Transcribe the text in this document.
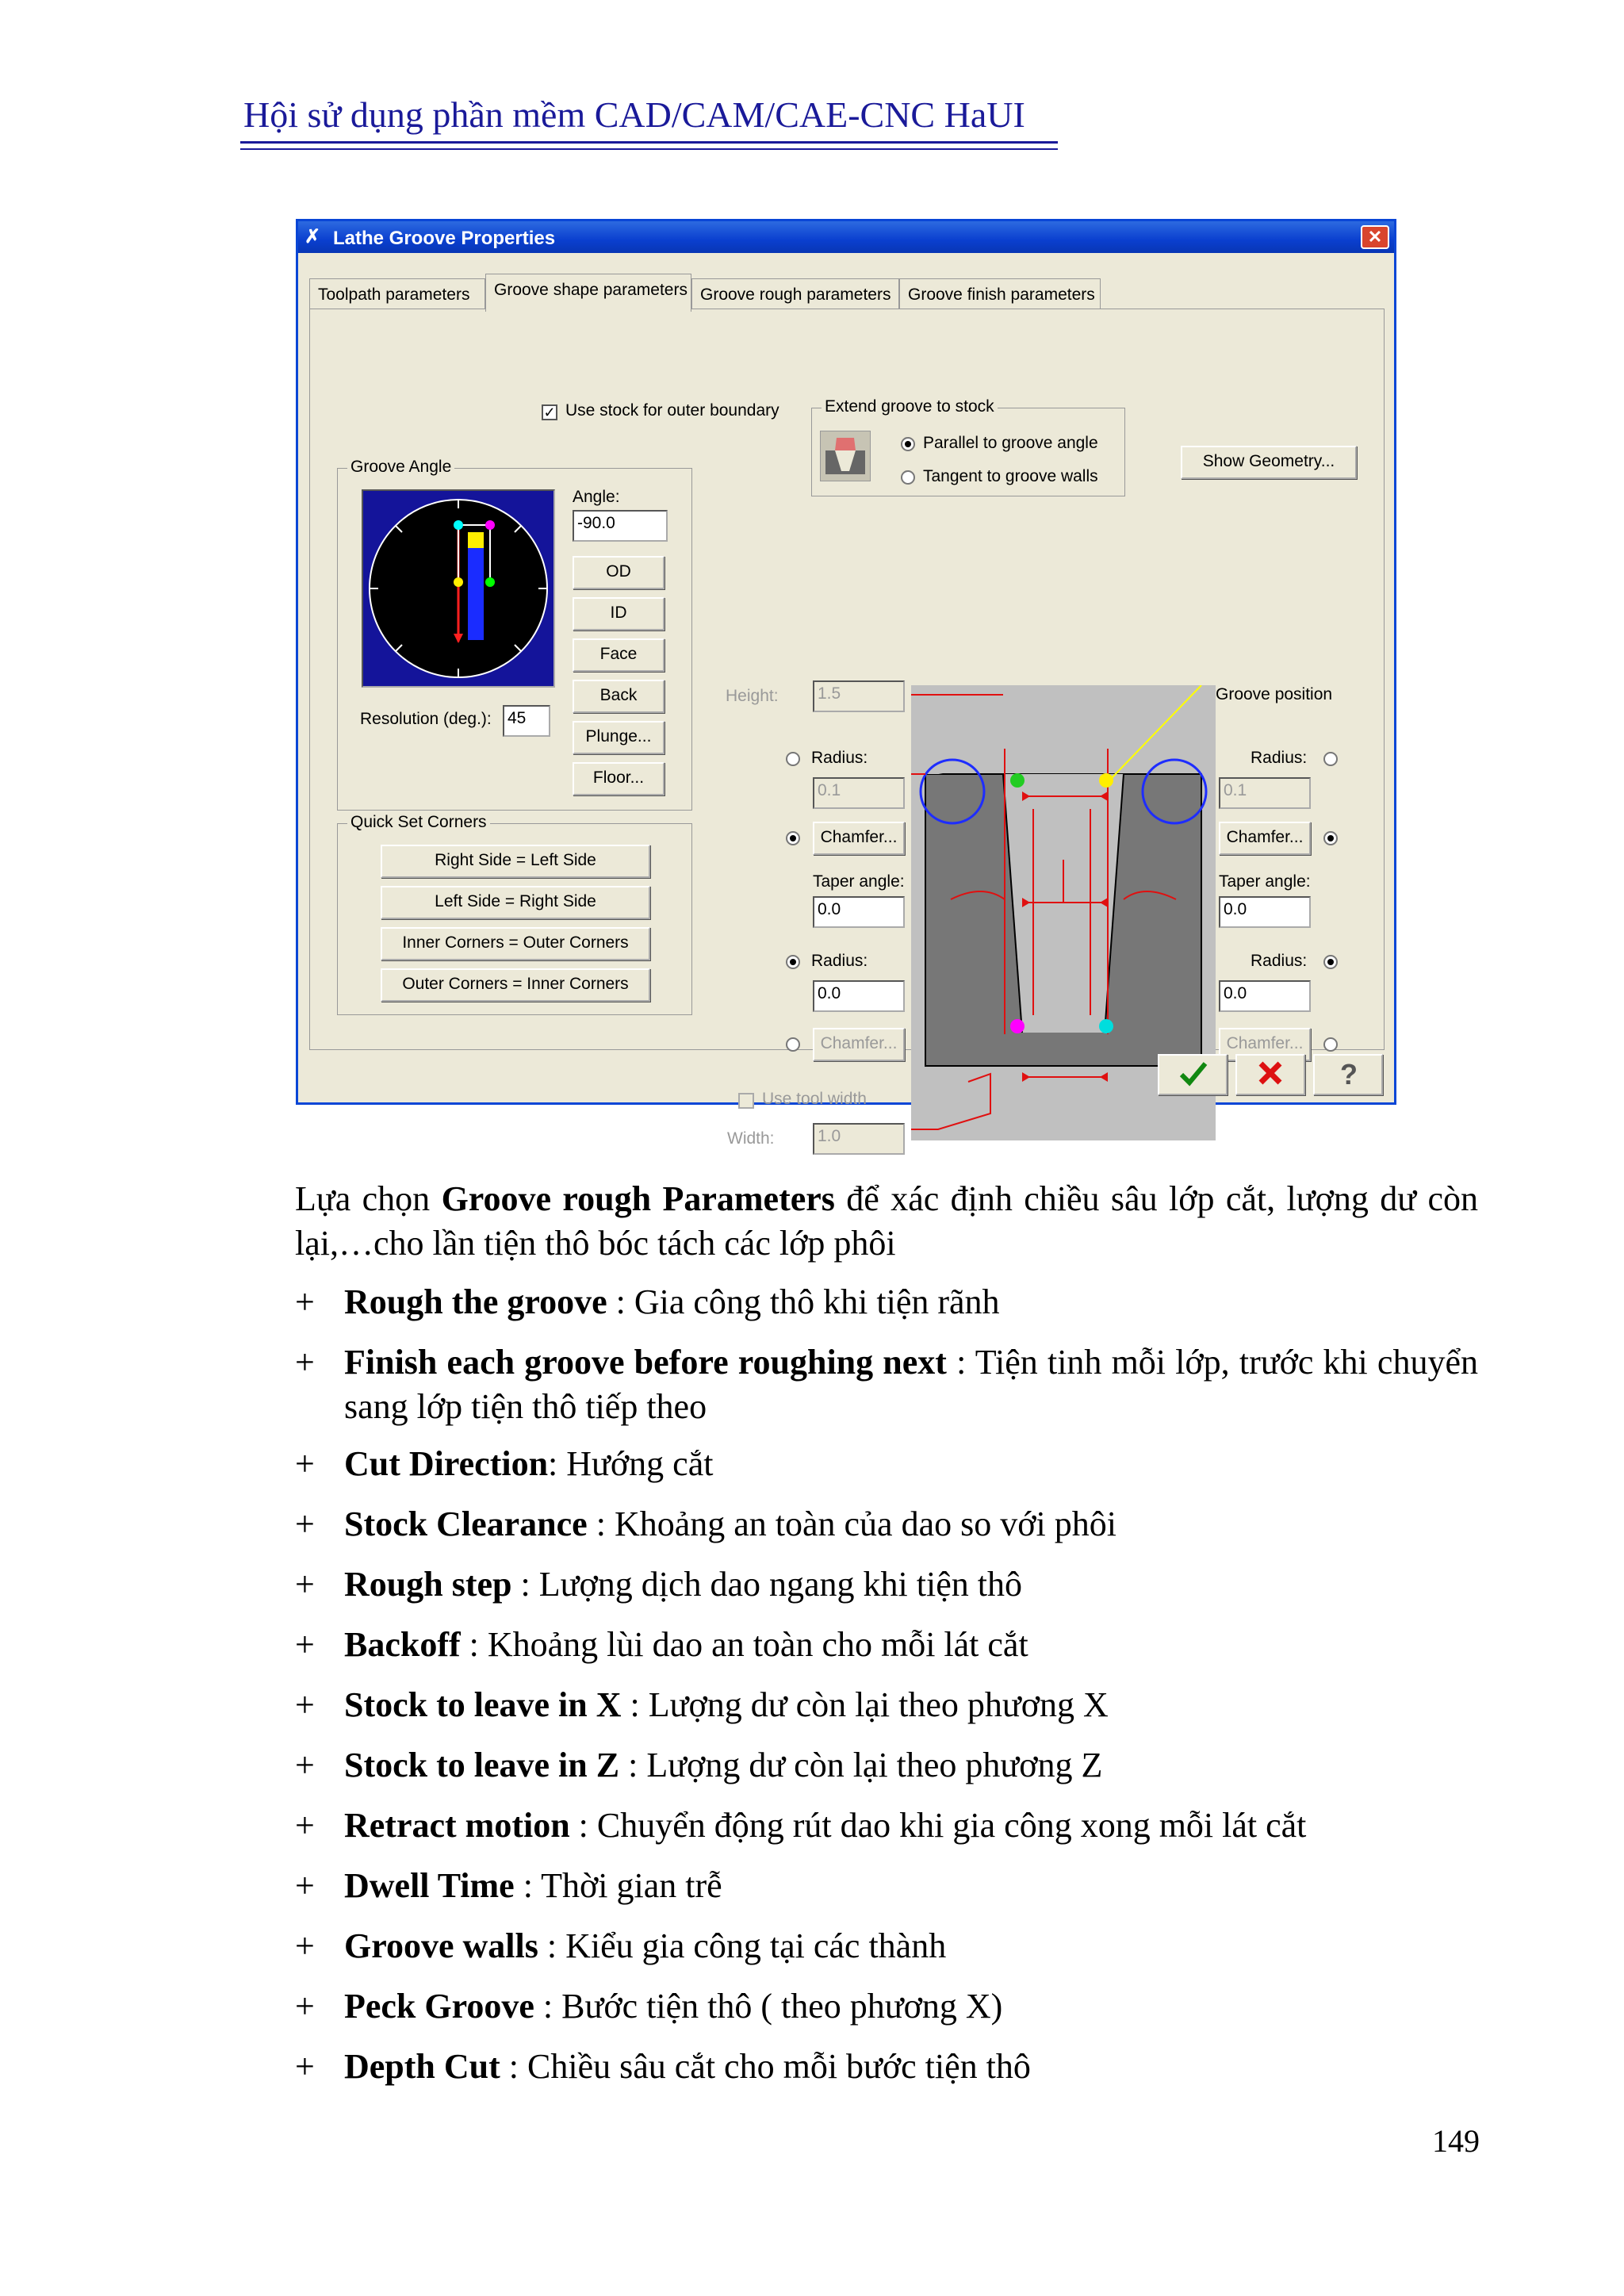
Hội sử dụng phần mềm CAD/CAM/CAE-CNC HaUI
✗ Lathe Groove Properties	✕
Toolpath parameters	Groove shape parameters Groove rough parameters	Groove finish parameters
✓ Use stock for outer boundary	Extend groove to stock
Parallel to groove angle
Tangent to groove walls
Show Geometry...
Groove Angle
Angle:
-90.0
OD
ID
Face
Back
Plunge...
Floor...
Resolution (deg.): 45
Quick Set Corners
Right Side = Left Side
Left Side = Right Side
Inner Corners = Outer Corners
Outer Corners = Inner Corners
Height: 1.5
Radius:
0.1
Chamfer...
Taper angle:
0.0
Radius:
0.0
Chamfer...
Use tool width
Width:	1.0
Groove position
Radius:
0.1
Chamfer...
Taper angle:
0.0
Radius:
0.0
Chamfer...
?
Lựa chọn Groove rough Parameters để xác định chiều sâu lớp cắt, lượng dư còn lại,…cho lần tiện thô bóc tách các lớp phôi
+ Rough the groove : Gia công thô khi tiện rãnh
+ Finish each groove before roughing next : Tiện tinh mỗi lớp, trước khi chuyển sang lớp tiện thô tiếp theo
+ Cut Direction: Hướng cắt
+ Stock Clearance : Khoảng an toàn của dao so với phôi
+ Rough step : Lượng dịch dao ngang khi tiện thô
+ Backoff : Khoảng lùi dao an toàn cho mỗi lát cắt
+ Stock to leave in X : Lượng dư còn lại theo phương X
+ Stock to leave in Z : Lượng dư còn lại theo phương Z
+ Retract motion : Chuyển động rút dao khi gia công xong mỗi lát cắt
+ Dwell Time : Thời gian trễ
+ Groove walls : Kiểu gia công tại các thành
+ Peck Groove : Bước tiện thô ( theo phương X)
+ Depth Cut : Chiều sâu cắt cho mỗi bước tiện thô
149
